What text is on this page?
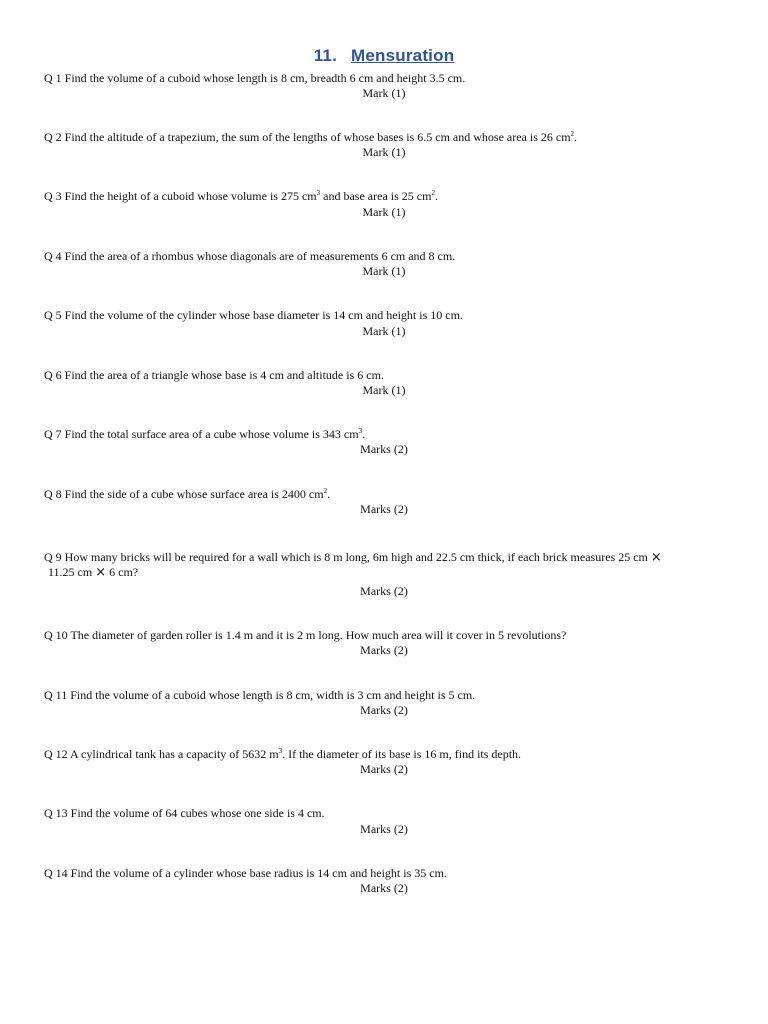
11. Mensuration
Q 1 Find the volume of a cuboid whose length is 8 cm, breadth 6 cm and height 3.5 cm.
Mark (1)
Q 2 Find the altitude of a trapezium, the sum of the lengths of whose bases is 6.5 cm and whose area is 26 $cm^2$.
Mark (1)
Q 3 Find the height of a cuboid whose volume is 275 $cm^3$ and base area is 25 $cm^2$.
Mark (1)
Q 4 Find the area of a rhombus whose diagonals are of measurements 6 cm and 8 cm.
Mark (1)
Q 5 Find the volume of the cylinder whose base diameter is 14 cm and height is 10 cm.
Mark (1)
Q 6 Find the area of a triangle whose base is 4 cm and altitude is 6 cm.
Mark (1)
Q 7 Find the total surface area of a cube whose volume is 343 $cm^3$.
Marks (2)
Q 8 Find the side of a cube whose surface area is 2400 $cm^2$.
Marks (2)
Q 9 How many bricks will be required for a wall which is 8 m long, 6m high and 22.5 cm thick, if each brick measures 25 cm ×
11.25 cm × 6 cm?
Marks (2)
Q 10 The diameter of garden roller is 1.4 m and it is 2 m long. How much area will it cover in 5 revolutions?
Marks (2)
Q 11 Find the volume of a cuboid whose length is 8 cm, width is 3 cm and height is 5 cm.
Marks (2)
Q 12 A cylindrical tank has a capacity of 5632 $m^3$. If the diameter of its base is 16 m, find its depth.
Marks (2)
Q 13 Find the volume of 64 cubes whose one side is 4 cm.
Marks (2)
Q 14 Find the volume of a cylinder whose base radius is 14 cm and height is 35 cm.
Marks (2)
